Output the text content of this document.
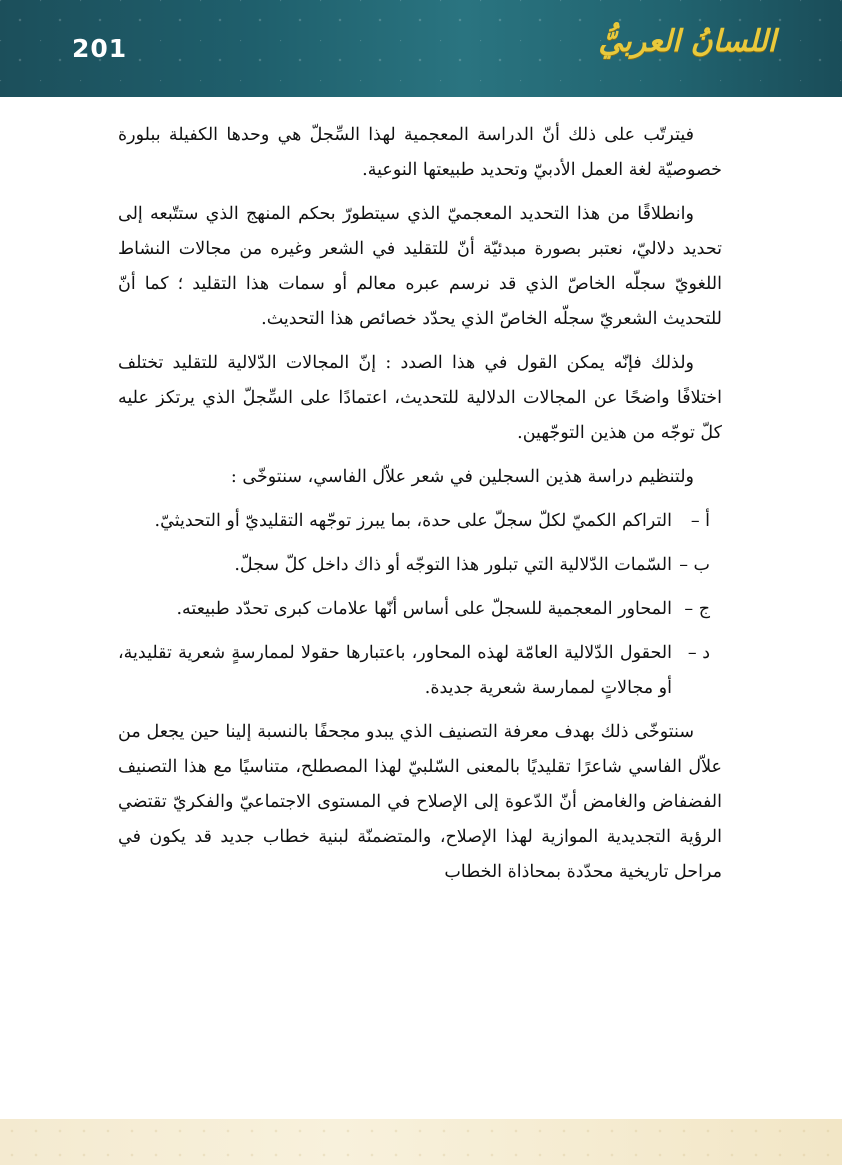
201	اللسانُ العربيُّ

فيترتّب على ذلك أنّ الدراسة المعجمية لهذا السِّجلّ هي وحدها الكفيلة ببلورة خصوصيّة لغة العمل الأدبيّ وتحديد طبيعتها النوعية.

وانطلاقًا من هذا التحديد المعجميّ الذي سيتطورّ بحكم المنهج الذي ستتّبعه إلى تحديد دلاليّ، نعتبر بصورة مبدئيّة أنّ للتقليد في الشعر وغيره من مجالات النشاط اللغويّ سجلّه الخاصّ الذي قد نرسم عبره معالم أو سمات هذا التقليد ؛ كما أنّ للتحديث الشعريّ سجلّه الخاصّ الذي يحدّد خصائص هذا التحديث.

ولذلك فإنّه يمكن القول في هذا الصدد : إنّ المجالات الدّلالية للتقليد تختلف اختلافًا واضحًا عن المجالات الدلالية للتحديث، اعتمادًا على السِّجلّ الذي يرتكز عليه كلّ توجّه من هذين التوجّهين.

ولتنظيم دراسة هذين السجلين في شعر علاّل الفاسي، سنتوخّى :

أ –
التراكم الكميّ لكلّ سجلّ على حدة، بما يبرز توجّهه التقليديّ أو التحديثيّ.
ب –
السّمات الدّلالية التي تبلور هذا التوجّه أو ذاك داخل كلّ سجلّ.
ج –
المحاور المعجمية للسجلّ على أساس أنّها علامات كبرى تحدّد طبيعته.
د –
الحقول الدّلالية العامّة لهذه المحاور، باعتبارها حقولا لممارسةٍ شعرية تقليدية، أو مجالاتٍ لممارسة شعرية جديدة.

سنتوخّى ذلك بهدف معرفة التصنيف الذي يبدو مجحفًا بالنسبة إلينا حين يجعل من علاّل الفاسي شاعرًا تقليديًا بالمعنى السّلبيّ لهذا المصطلح، متناسيًا مع هذا التصنيف الفضفاض والغامض أنّ الدّعوة إلى الإصلاح في المستوى الاجتماعيّ والفكريّ تقتضي الرؤية التجديدية الموازية لهذا الإصلاح، والمتضمنّة لبنية خطاب جديد قد يكون في مراحل تاريخية محدّدة بمحاذاة الخطاب
